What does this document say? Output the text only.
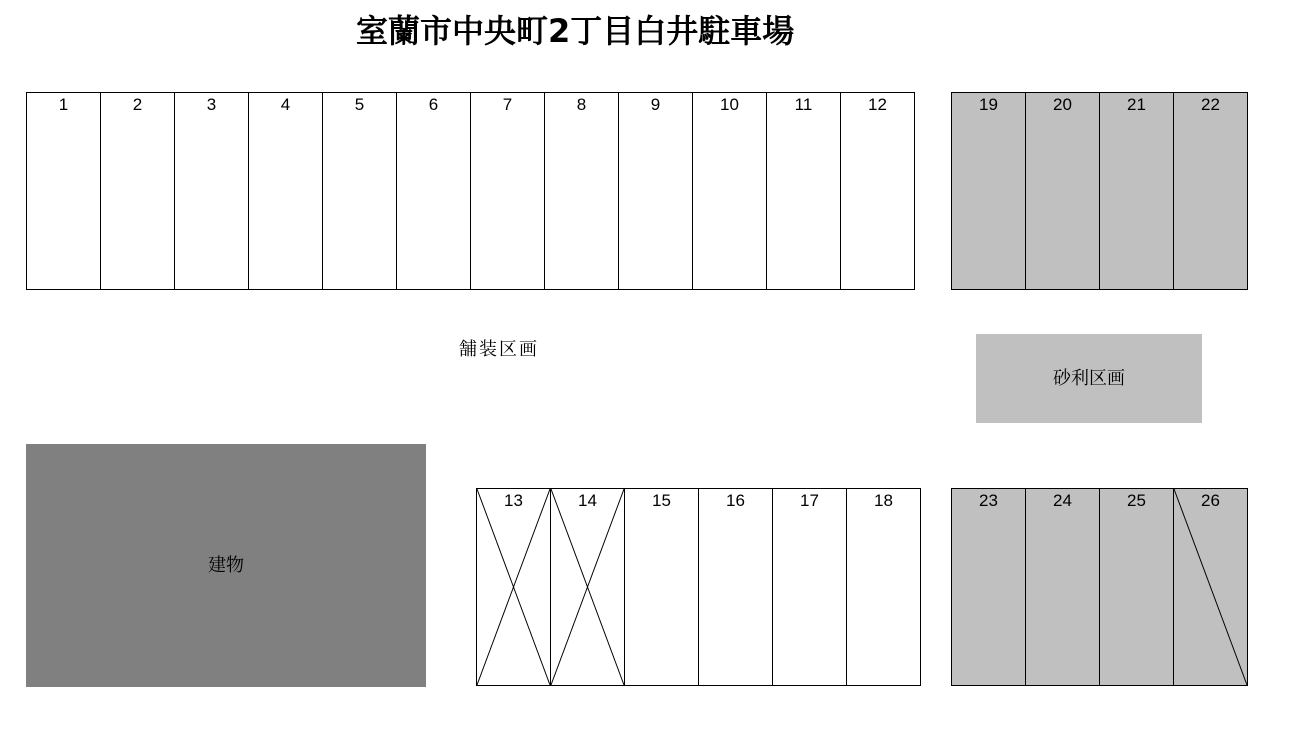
室蘭市中央町2丁目白井駐車場
1	2	3	4	5	6	7	8	9	10	11	12	19	20	21	22
舗装区画
砂利区画
建物
13	14	15	16	17	18	23	24	25	26
